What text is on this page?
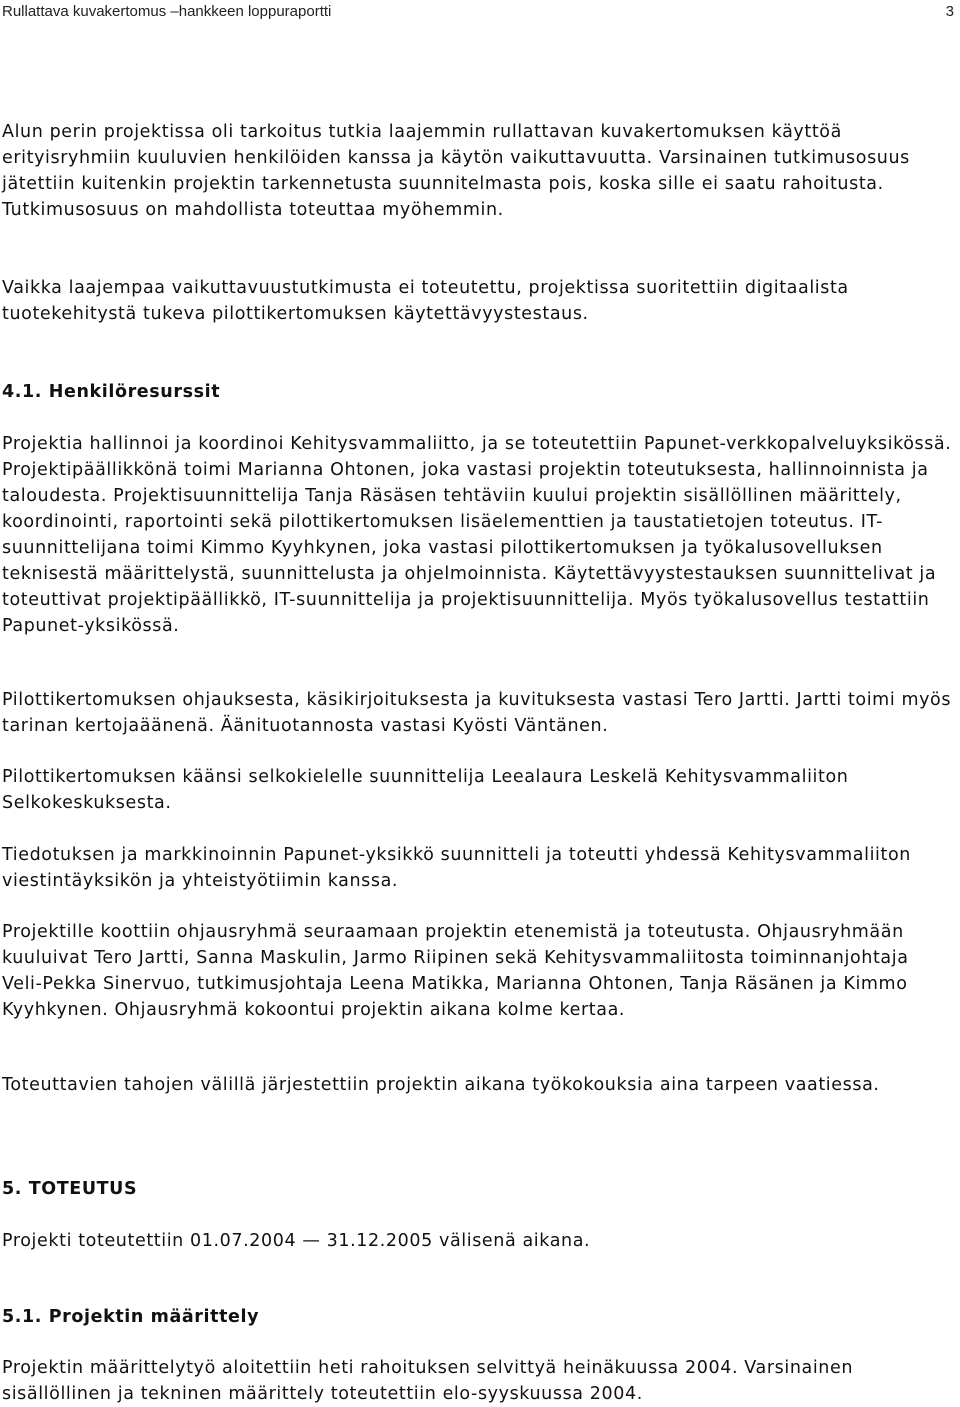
Rullattava kuvakertomus –hankkeen loppuraportti	3

Alun perin projektissa oli tarkoitus tutkia laajemmin rullattavan kuvakertomuksen käyttöä erityisryhmiin kuuluvien henkilöiden kanssa ja käytön vaikuttavuutta. Varsinainen tutkimusosuus jätettiin kuitenkin projektin tarkennetusta suunnitelmasta pois, koska sille ei saatu rahoitusta. Tutkimusosuus on mahdollista toteuttaa myöhemmin.

Vaikka laajempaa vaikuttavuustutkimusta ei toteutettu, projektissa suoritettiin digitaalista tuotekehitystä tukeva pilottikertomuksen käytettävyystestaus.

4.1. Henkilöresurssit

Projektia hallinnoi ja koordinoi Kehitysvammaliitto, ja se toteutettiin Papunet-verkkopalveluyksikössä. Projektipäällikkönä toimi Marianna Ohtonen, joka vastasi projektin toteutuksesta, hallinnoinnista ja taloudesta. Projektisuunnittelija Tanja Räsäsen tehtäviin kuului projektin sisällöllinen määrittely, koordinointi, raportointi sekä pilottikertomuksen lisäelementtien ja taustatietojen toteutus. IT-suunnittelijana toimi Kimmo Kyyhkynen, joka vastasi pilottikertomuksen ja työkalusovelluksen teknisestä määrittelystä, suunnittelusta ja ohjelmoinnista. Käytettävyystestauksen suunnittelivat ja toteuttivat projektipäällikkö, IT-suunnittelija ja projektisuunnittelija. Myös työkalusovellus testattiin Papunet-yksikössä.

Pilottikertomuksen ohjauksesta, käsikirjoituksesta ja kuvituksesta vastasi Tero Jartti. Jartti toimi myös tarinan kertojaäänenä. Äänituotannosta vastasi Kyösti Väntänen.

Pilottikertomuksen käänsi selkokielelle suunnittelija Leealaura Leskelä Kehitysvammaliiton Selkokeskuksesta.

Tiedotuksen ja markkinoinnin Papunet-yksikkö suunnitteli ja toteutti yhdessä Kehitysvammaliiton viestintäyksikön ja yhteistyötiimin kanssa.

Projektille koottiin ohjausryhmä seuraamaan projektin etenemistä ja toteutusta. Ohjausryhmään kuuluivat Tero Jartti, Sanna Maskulin, Jarmo Riipinen sekä Kehitysvammaliitosta toiminnanjohtaja Veli-Pekka Sinervuo, tutkimusjohtaja Leena Matikka, Marianna Ohtonen, Tanja Räsänen ja Kimmo Kyyhkynen. Ohjausryhmä kokoontui projektin aikana kolme kertaa.

Toteuttavien tahojen välillä järjestettiin projektin aikana työkokouksia aina tarpeen vaatiessa.

5. TOTEUTUS

Projekti toteutettiin 01.07.2004 — 31.12.2005 välisenä aikana.

5.1. Projektin määrittely

Projektin määrittelytyö aloitettiin heti rahoituksen selvittyä heinäkuussa 2004. Varsinainen sisällöllinen ja tekninen määrittely toteutettiin elo-syyskuussa 2004.
